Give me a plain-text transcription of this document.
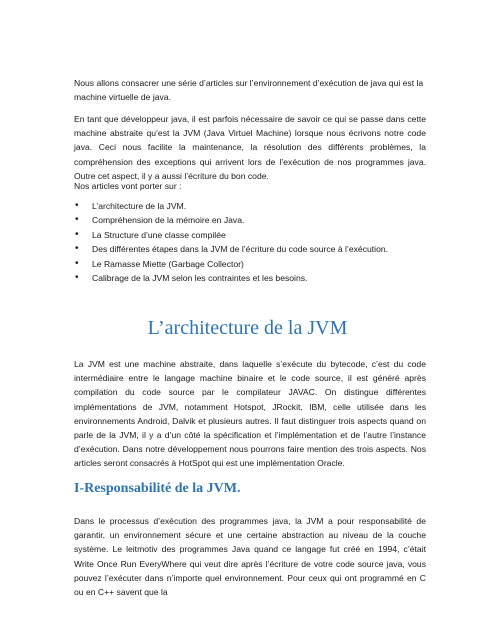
Nous allons consacrer une série d’articles sur l’environnement d’exécution de java qui est la machine virtuelle de java.

En tant que développeur java, il est parfois nécessaire de savoir ce qui se passe dans cette machine abstraite qu’est la JVM (Java Virtuel Machine) lorsque nous écrivons notre code java. Ceci nous facilite la maintenance, la résolution des différents problèmes, la compréhension des exceptions qui arrivent lors de l’exécution de nos programmes java. Outre cet aspect, il y a aussi l’écriture du bon code.

Nos articles vont porter sur :

• L’architecture de la JVM.
• Compréhension de la mémoire en Java.
• La Structure d’une classe compilée
• Des différentes étapes dans la JVM de l’écriture du code source à l’exécution.
• Le Ramasse Miette (Garbage Collector)
• Calibrage de la JVM selon les contraintes et les besoins.
L’architecture de la JVM

La JVM est une machine abstraite, dans laquelle s’exécute du bytecode, c’est du code intermédiaire entre le langage machine binaire et le code source, il est généré après compilation du code source par le compilateur JAVAC. On distingue différentes implémentations de JVM, notamment Hotspot, JRockit, IBM, celle utilisée dans les environnements Android, Dalvik et plusieurs autres. Il faut distinguer trois aspects quand on parle de la JVM, il y a d’un côté la spécification et l’implémentation et de l’autre l’instance d’exécution. Dans notre développement nous pourrons faire mention des trois aspects. Nos articles seront consacrés à HotSpot qui est une implémentation Oracle.

I-Responsabilité de la JVM.

Dans le processus d’exécution des programmes java, la JVM a pour responsabilité de garantir, un environnement sécure et une certaine abstraction au niveau de la couche système. Le leitmotiv des programmes Java quand ce langage fut créé en 1994, c’était Write Once Run EveryWhere qui veut dire après l’écriture de votre code source java, vous pouvez l’exécuter dans n’importe quel environnement. Pour ceux qui ont programmé en C ou en C++ savent que la
